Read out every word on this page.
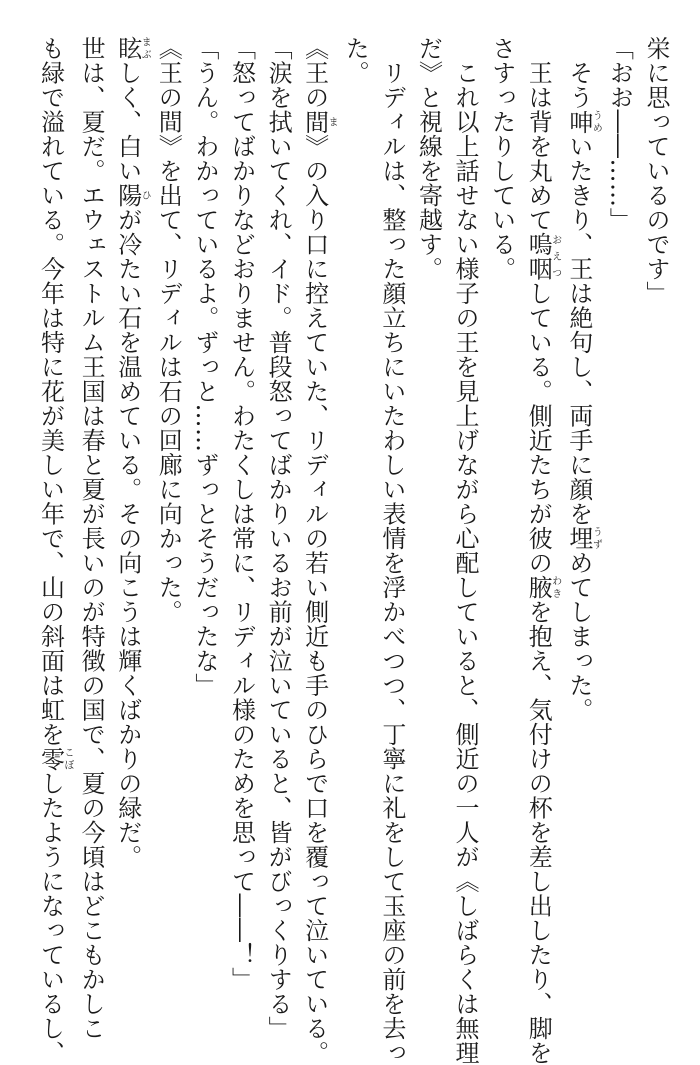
栄に思っているのです」
「おお――……」
そう呻うめいたきり、王は絶句し、両手に顔を埋うずめてしまった。
王は背を丸めて嗚咽おえつしている。側近たちが彼の腋わきを抱え、気付けの杯を差し出したり、脚を
さすったりしている。
これ以上話せない様子の王を見上げながら心配していると、側近の一人が《しばらくは無理
だ》と視線を寄越す。
リディルは、整った顔立ちにいたわしい表情を浮かべつつ、丁寧に礼をして玉座の前を去っ
た。
《王の間ま》の入り口に控えていた、リディルの若い側近も手のひらで口を覆って泣いている。
「涙を拭いてくれ、イド。普段怒ってばかりいるお前が泣いていると、皆がびっくりする」
「怒ってばかりなどおりません。わたくしは常に、リディル様のためを思って――！」
「うん。わかっているよ。ずっと……ずっとそうだったな」
《王の間》を出て、リディルは石の回廊に向かった。
眩まぶしく、白い陽ひが冷たい石を温めている。その向こうは輝くばかりの緑だ。
世は、夏だ。エウェストルム王国は春と夏が長いのが特徴の国で、夏の今頃はどこもかしこ
も緑で溢れている。今年は特に花が美しい年で、山の斜面は虹を零こぼしたようになっているし、
